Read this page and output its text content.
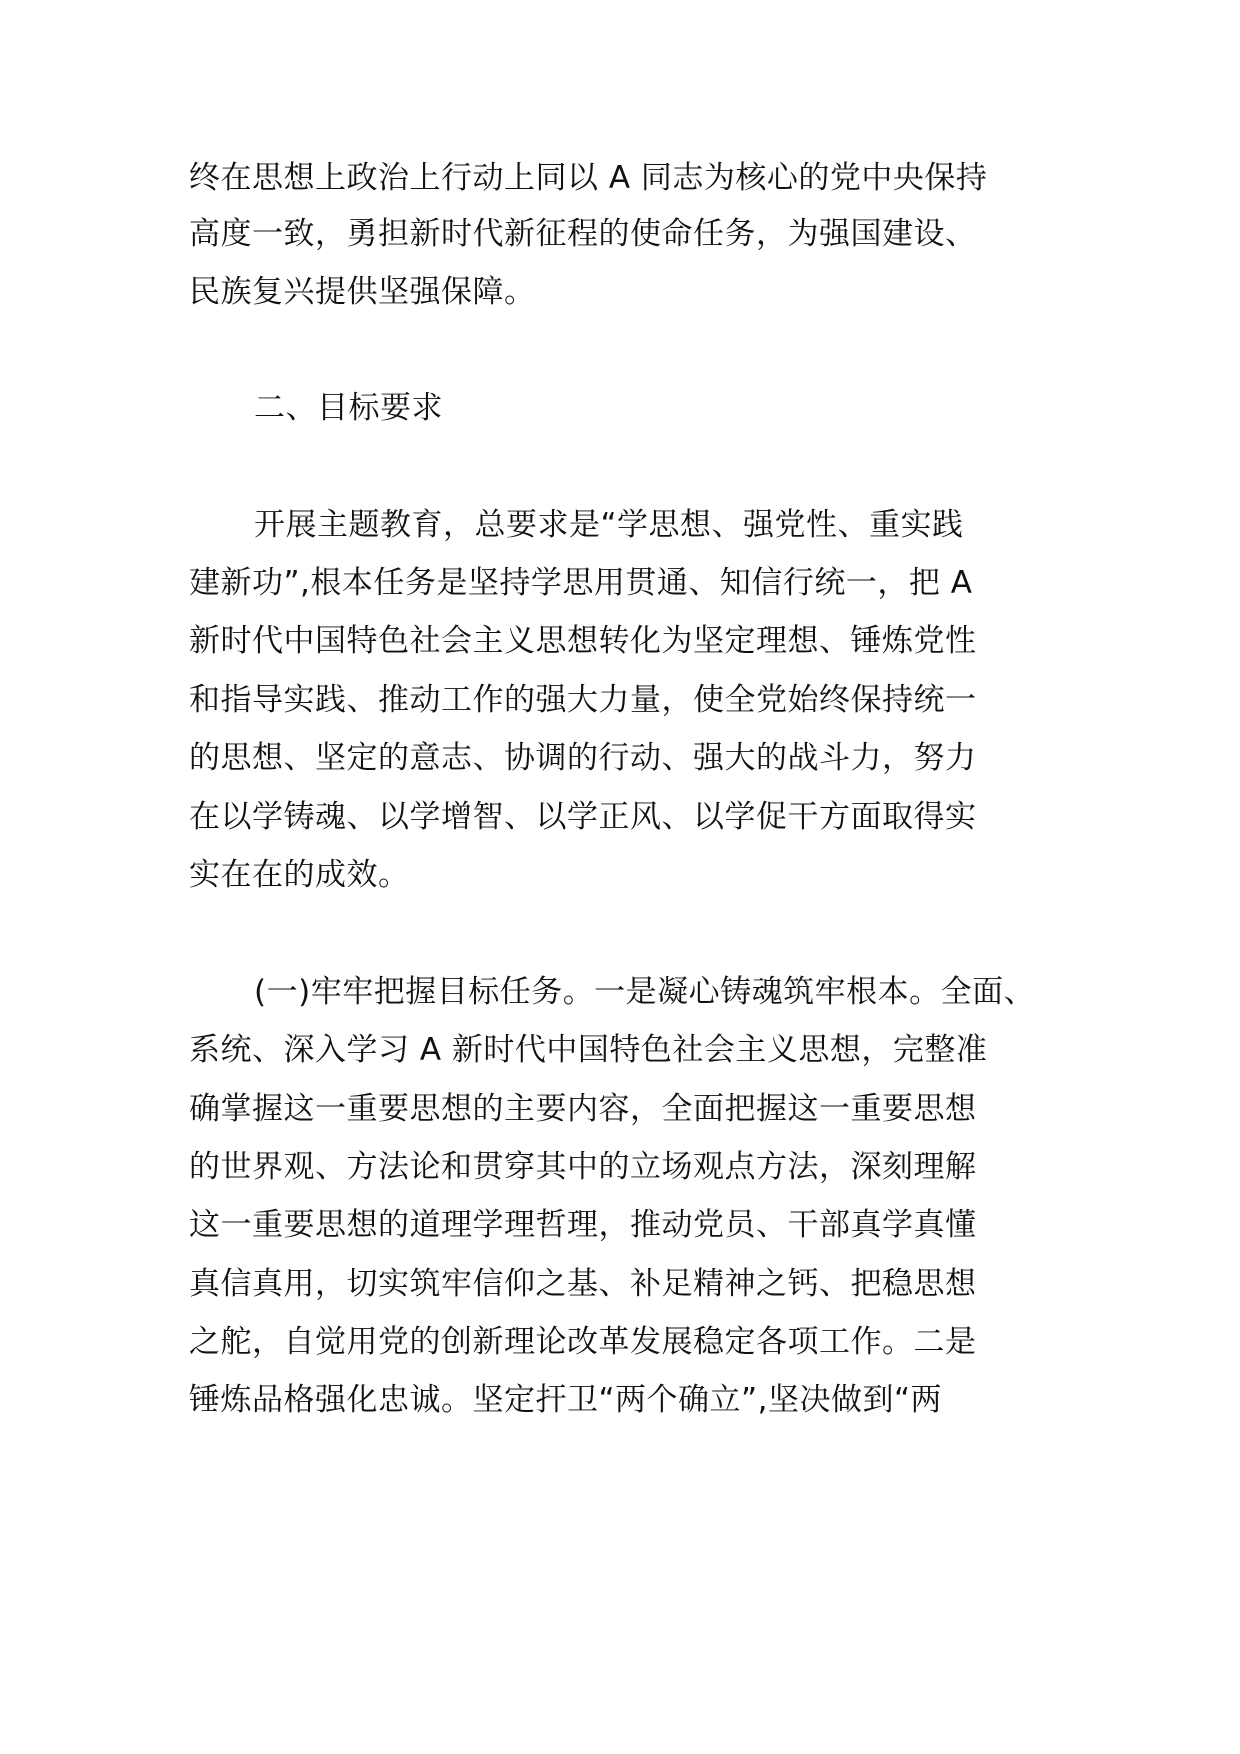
终在思想上政治上行动上同以 A 同志为核心的党中央保持
高度一致，勇担新时代新征程的使命任务，为强国建设、
民族复兴提供坚强保障。
二、目标要求
开展主题教育，总要求是“学思想、强党性、重实践
建新功”,根本任务是坚持学思用贯通、知信行统一，把 A
新时代中国特色社会主义思想转化为坚定理想、锤炼党性
和指导实践、推动工作的强大力量，使全党始终保持统一
的思想、坚定的意志、协调的行动、强大的战斗力，努力
在以学铸魂、以学增智、以学正风、以学促干方面取得实
实在在的成效。
(一)牢牢把握目标任务。一是凝心铸魂筑牢根本。全面、
系统、深入学习 A 新时代中国特色社会主义思想，完整准
确掌握这一重要思想的主要内容，全面把握这一重要思想
的世界观、方法论和贯穿其中的立场观点方法，深刻理解
这一重要思想的道理学理哲理，推动党员、干部真学真懂
真信真用，切实筑牢信仰之基、补足精神之钙、把稳思想
之舵，自觉用党的创新理论改革发展稳定各项工作。二是
锤炼品格强化忠诚。坚定扞卫“两个确立”,坚决做到“两
